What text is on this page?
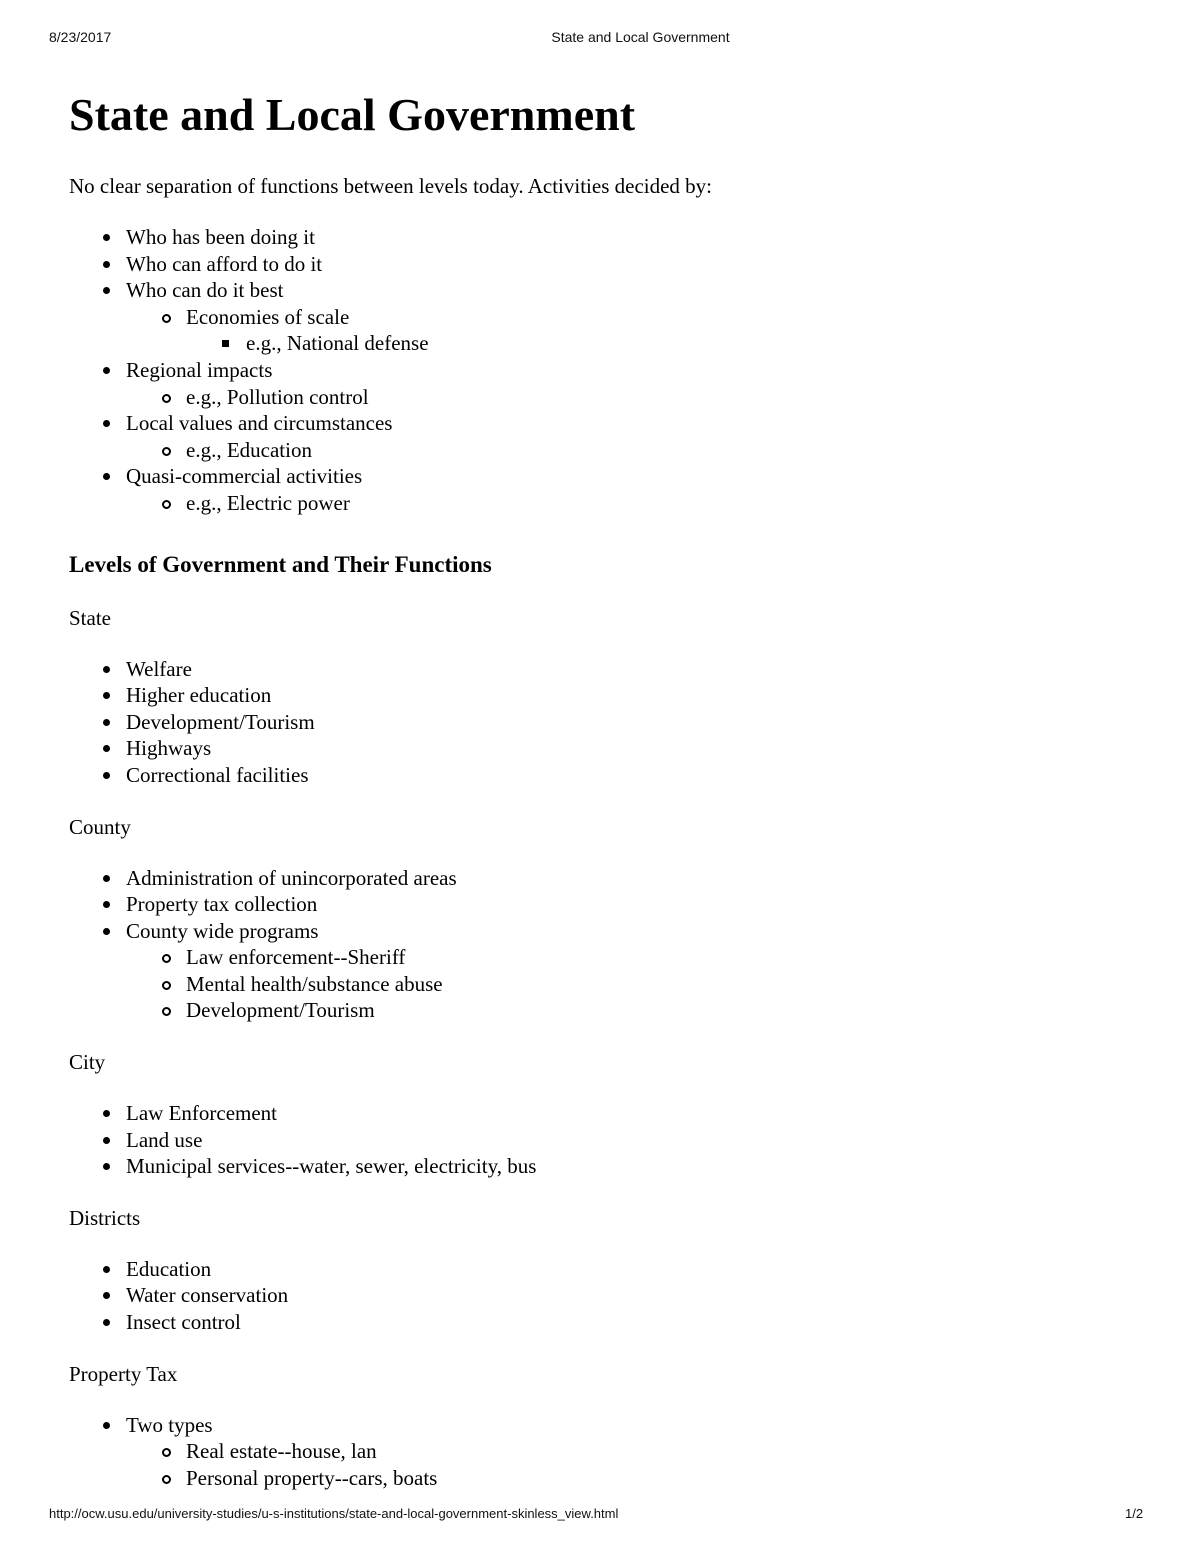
8/23/2017	State and Local Government
State and Local Government

No clear separation of functions between levels today. Activities decided by:

Who has been doing it
Who can afford to do it
Who can do it best
Economies of scale
e.g., National defense
Regional impacts
e.g., Pollution control
Local values and circumstances
e.g., Education
Quasi-commercial activities
e.g., Electric power
Levels of Government and Their Functions

State

Welfare
Higher education
Development/Tourism
Highways
Correctional facilities

County

Administration of unincorporated areas
Property tax collection
County wide programs
Law enforcement--Sheriff
Mental health/substance abuse
Development/Tourism

City

Law Enforcement
Land use
Municipal services--water, sewer, electricity, bus

Districts

Education
Water conservation
Insect control

Property Tax

Two types
Real estate--house, lan
Personal property--cars, boats
http://ocw.usu.edu/university-studies/u-s-institutions/state-and-local-government-skinless_view.html	1/2
